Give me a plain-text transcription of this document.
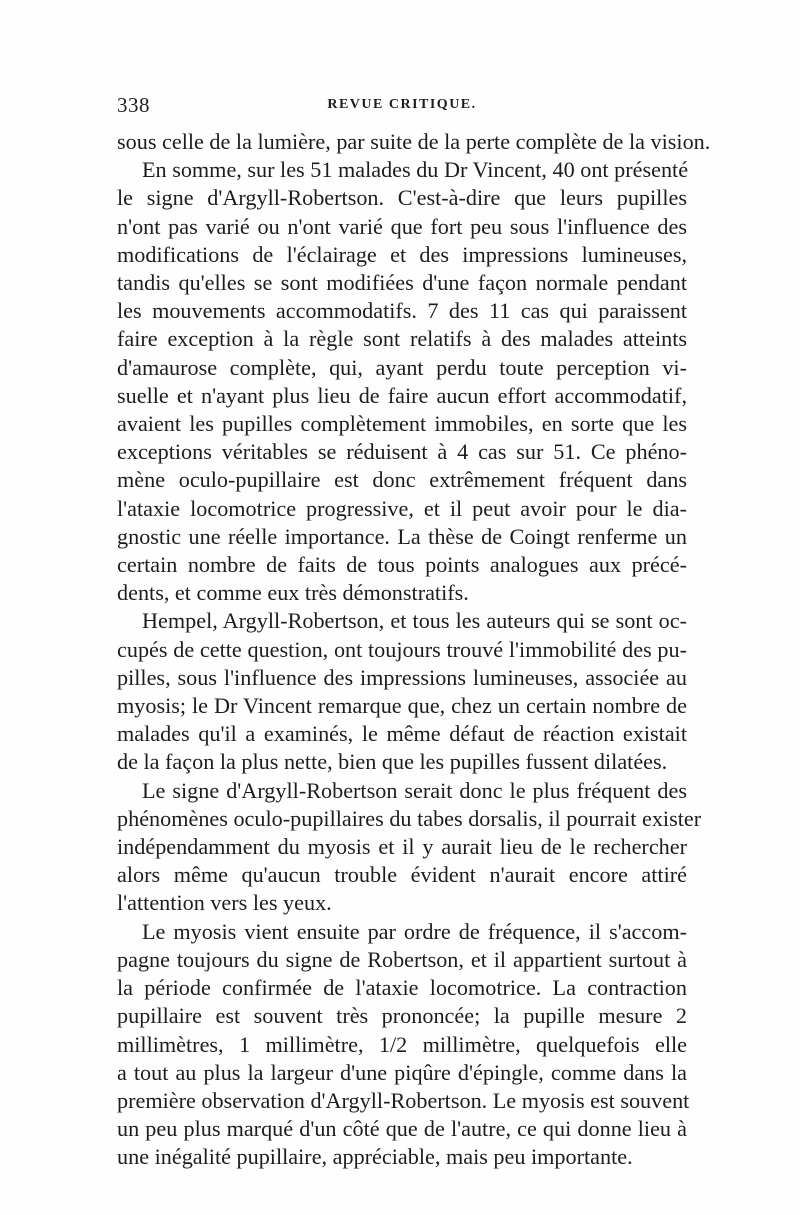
338	REVUE CRITIQUE.

sous celle de la lumière, par suite de la perte complète de la vision.

En somme, sur les 51 malades du Dr Vincent, 40 ont présenté
le signe d'Argyll-Robertson. C'est-à-dire que leurs pupilles
n'ont pas varié ou n'ont varié que fort peu sous l'influence des
modifications de l'éclairage et des impressions lumineuses,
tandis qu'elles se sont modifiées d'une façon normale pendant
les mouvements accommodatifs. 7 des 11 cas qui paraissent
faire exception à la règle sont relatifs à des malades atteints
d'amaurose complète, qui, ayant perdu toute perception vi-
suelle et n'ayant plus lieu de faire aucun effort accommodatif,
avaient les pupilles complètement immobiles, en sorte que les
exceptions véritables se réduisent à 4 cas sur 51. Ce phéno-
mène oculo-pupillaire est donc extrêmement fréquent dans
l'ataxie locomotrice progressive, et il peut avoir pour le dia-
gnostic une réelle importance. La thèse de Coingt renferme un
certain nombre de faits de tous points analogues aux précé-
dents, et comme eux très démonstratifs.

Hempel, Argyll-Robertson, et tous les auteurs qui se sont oc-
cupés de cette question, ont toujours trouvé l'immobilité des pu-
pilles, sous l'influence des impressions lumineuses, associée au
myosis; le Dr Vincent remarque que, chez un certain nombre de
malades qu'il a examinés, le même défaut de réaction existait
de la façon la plus nette, bien que les pupilles fussent dilatées.

Le signe d'Argyll-Robertson serait donc le plus fréquent des
phénomènes oculo-pupillaires du tabes dorsalis, il pourrait exister
indépendamment du myosis et il y aurait lieu de le rechercher
alors même qu'aucun trouble évident n'aurait encore attiré
l'attention vers les yeux.

Le myosis vient ensuite par ordre de fréquence, il s'accom-
pagne toujours du signe de Robertson, et il appartient surtout à
la période confirmée de l'ataxie locomotrice. La contraction
pupillaire est souvent très prononcée; la pupille mesure 2
millimètres, 1 millimètre, 1/2 millimètre, quelquefois elle
a tout au plus la largeur d'une piqûre d'épingle, comme dans la
première observation d'Argyll-Robertson. Le myosis est souvent
un peu plus marqué d'un côté que de l'autre, ce qui donne lieu à
une inégalité pupillaire, appréciable, mais peu importante.
